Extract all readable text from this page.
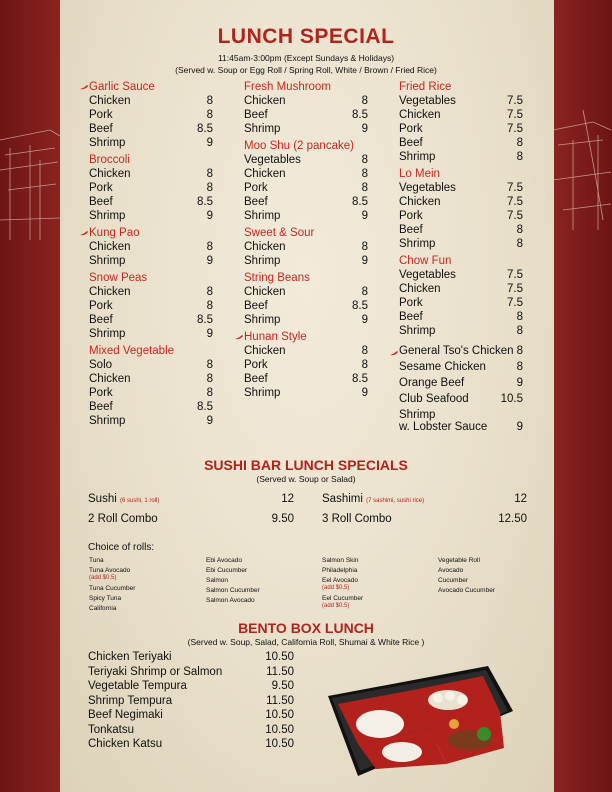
LUNCH SPECIAL
11:45am-3:00pm (Except Sundays & Holidays)
(Served w. Soup or Egg Roll / Spring Roll, White / Brown / Fried Rice)
Garlic Sauce
Chicken	8
Pork	8
Beef	8.5
Shrimp	9
Broccoli
Chicken	8
Pork	8
Beef	8.5
Shrimp	9
Kung Pao
Chicken	8
Shrimp	9
Snow Peas
Chicken	8
Pork	8
Beef	8.5
Shrimp	9
Mixed Vegetable
Solo	8
Chicken	8
Pork	8
Beef	8.5
Shrimp	9
Fresh Mushroom
Chicken	8
Beef	8.5
Shrimp	9
Moo Shu (2 pancake)
Vegetables	8
Chicken	8
Pork	8
Beef	8.5
Shrimp	9
Sweet & Sour
Chicken	8
Shrimp	9
String Beans
Chicken	8
Beef	8.5
Shrimp	9
Hunan Style
Chicken	8
Pork	8
Beef	8.5
Shrimp	9
Fried Rice
Vegetables	7.5
Chicken	7.5
Pork	7.5
Beef	8
Shrimp	8
Lo Mein
Vegetables	7.5
Chicken	7.5
Pork	7.5
Beef	8
Shrimp	8
Chow Fun
Vegetables	7.5
Chicken	7.5
Pork	7.5
Beef	8
Shrimp	8
General Tso's Chicken 8
Sesame Chicken	8
Orange Beef	9
Club Seafood	10.5
Shrimp
w. Lobster Sauce	9
SUSHI BAR LUNCH SPECIALS
(Served w. Soup or Salad)
Sushi (6 sushi, 1 roll)	12 Sashimi (7 sashimi, sushi rice)	12
2 Roll Combo	9.50 3 Roll Combo	12.50
Choice of rolls:
Tuna
Tuna Avocado
(add $0.5)
Tuna Cucumber
Spicy Tuna
California
Ebi Avocado
Ebi Cucumber
Salmon
Salmon Cucumber
Salmon Avocado
Salmon Skin
Philadelphia
Eel Avocado
(add $0.5)
Eel Cucumber
(add $0.5)
Vegetable Roll
Avocado
Cucumber
Avocado Cucumber
BENTO BOX LUNCH
(Served w. Soup, Salad, California Roll, Shumai & White Rice )
Chicken Teriyaki	10.50
Teriyaki Shrimp or Salmon	11.50
Vegetable Tempura	9.50
Shrimp Tempura	11.50
Beef Negimaki	10.50
Tonkatsu	10.50
Chicken Katsu	10.50
